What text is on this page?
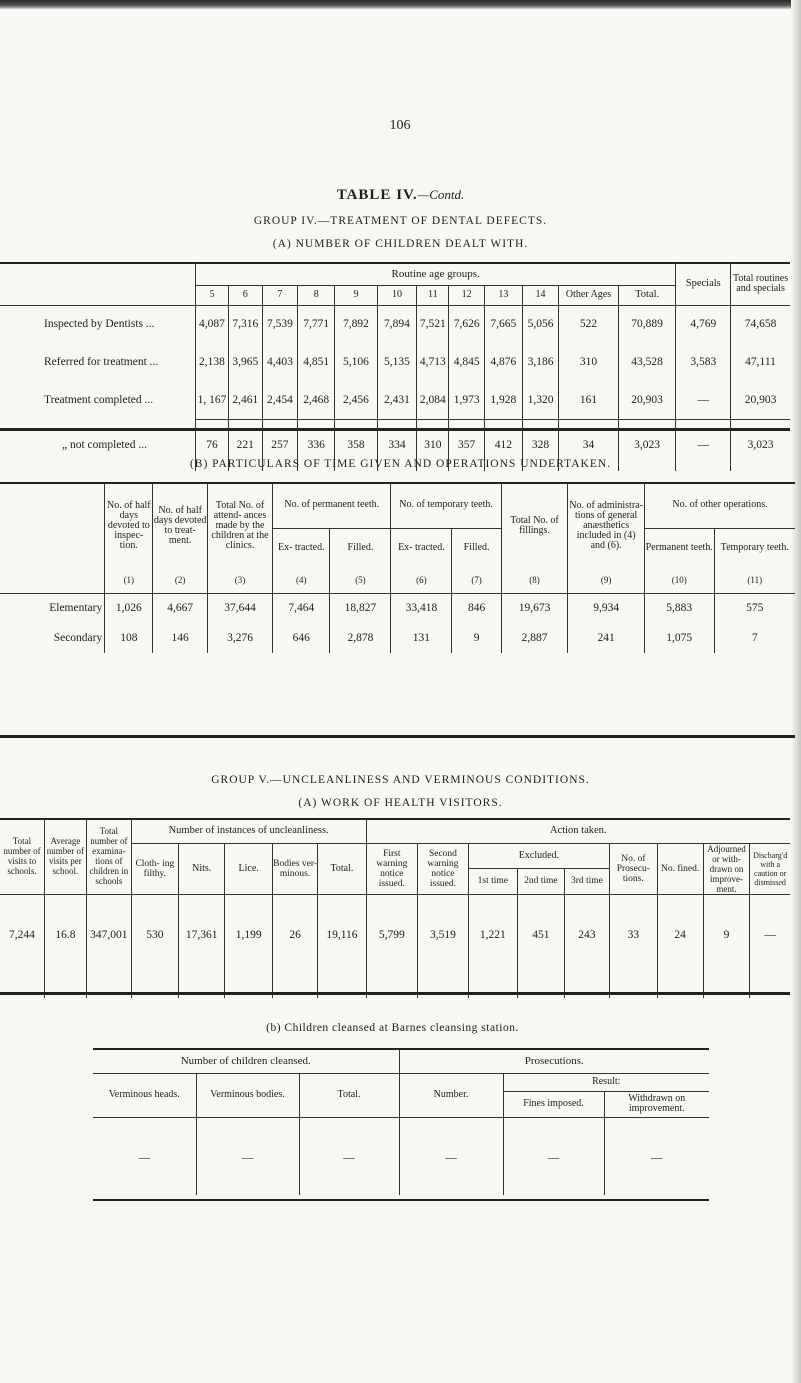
106
TABLE IV.—Contd.
GROUP IV.—TREATMENT OF DENTAL DEFECTS.
(A) NUMBER OF CHILDREN DEALT WITH.
	Routine age groups.												Specials	Total routines and specials
	5	6	7	8	9	10	11	12	13	14	Other Ages	Total.		
Inspected by Dentists ...	4,087	7,316	7,539	7,771	7,892	7,894	7,521	7,626	7,665	5,056	522	70,889	4,769	74,658
Referred for treatment ...	2,138	3,965	4,403	4,851	5,106	5,135	4,713	4,845	4,876	3,186	310	43,528	3,583	47,111
Treatment completed ...	1, 167	2,461	2,454	2,468	2,456	2,431	2,084	1,973	1,928	1,320	161	20,903	—	20,903
„ not completed ...	76	221	257	336	358	334	310	357	412	328	34	3,023	—	3,023
(B) PARTICULARS OF TIME GIVEN AND OPERATIONS UNDERTAKEN.
	No. of half days devoted to inspec- tion.	No. of half days devoted to treat- ment.	Total No. of attend- ances made by the children at the clinics.	No. of permanent teeth.		No. of temporary teeth.		Total No. of fillings.	No. of administra- tions of general anæsthetics included in (4) and (6).	No. of other operations.	
				Ex- tracted.	Filled.	Ex- tracted.	Filled.			Permanent teeth.	Temporary teeth.
	(1)	(2)	(3)	(4)	(5)	(6)	(7)	(8)	(9)	(10)	(11)
Elementary	1,026	4,667	37,644	7,464	18,827	33,418	846	19,673	9,934	5,883	575
Secondary	108	146	3,276	646	2,878	131	9	2,887	241	1,075	7
GROUP V.—UNCLEANLINESS AND VERMINOUS CONDITIONS.
(A) WORK OF HEALTH VISITORS.
Total number of visits to schools.	Average number of visits per school.	Total number of examina- tions of children in schools	Number of instances of uncleanliness.					Action taken.								
			Cloth- ing filthy.	Nits.	Lice.	Bodies ver- minous.	Total.	First warning notice issued.	Second warning notice issued.	Excluded.			No. of Prosecu- tions.	No. fined.	Adjourned or with- drawn on improve- ment.	Discharg'd with a caution or dismissed
										1st time	2nd time	3rd time				
7,244	16.8	347,001	530	17,361	1,199	26	19,116	5,799	3,519	1,221	451	243	33	24	9	—
(b) Children cleansed at Barnes cleansing station.
Number of children cleansed.			Prosecutions.		
Verminous heads.	Verminous bodies.	Total.	Number.	Result:	
				Fines imposed.	Withdrawn on improvement.
—	—	—	—	—	—
